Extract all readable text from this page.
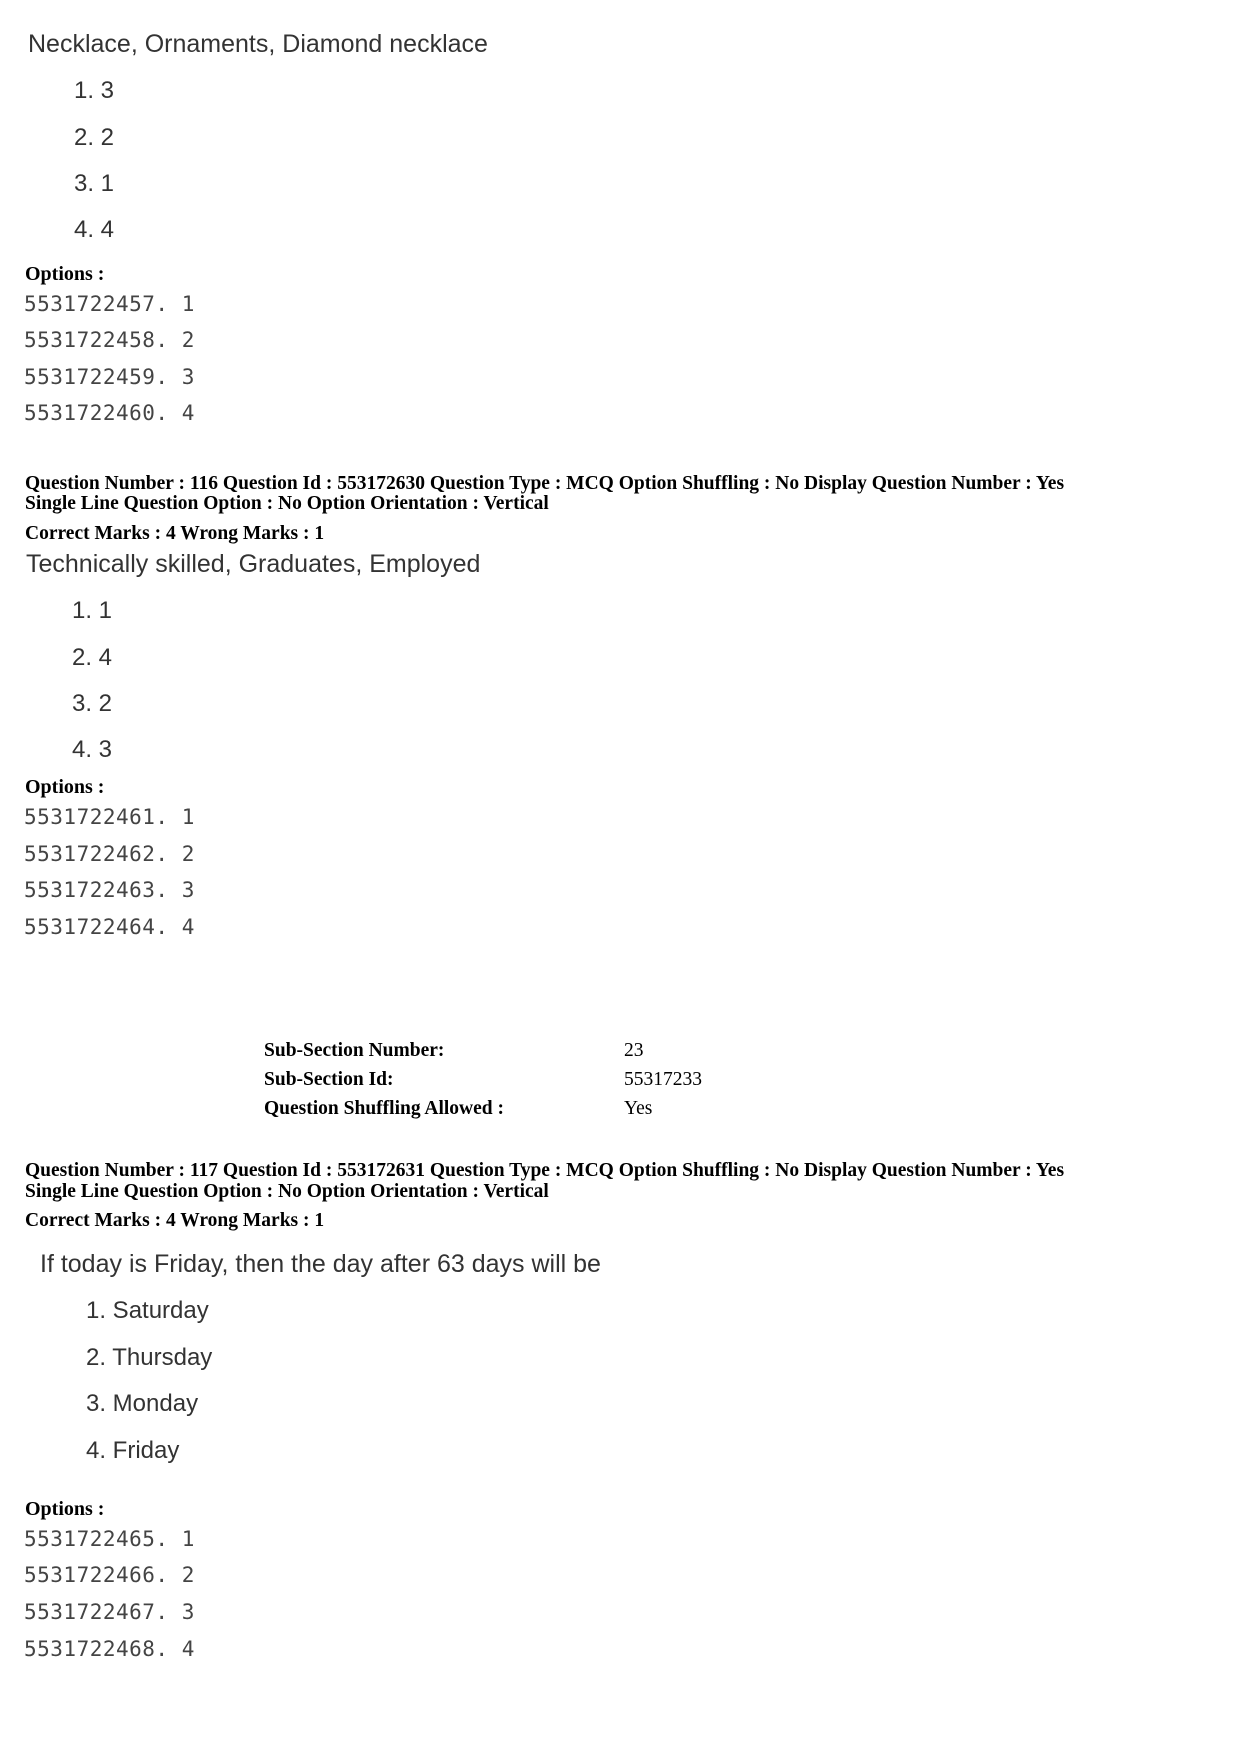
Necklace, Ornaments, Diamond necklace
1. 3
2. 2
3. 1
4. 4
Options :
5531722457. 1
5531722458. 2
5531722459. 3
5531722460. 4
Question Number : 116 Question Id : 553172630 Question Type : MCQ Option Shuffling : No Display Question Number : Yes
Single Line Question Option : No Option Orientation : Vertical
Correct Marks : 4 Wrong Marks : 1
Technically skilled, Graduates, Employed
1. 1
2. 4
3. 2
4. 3
Options :
5531722461. 1
5531722462. 2
5531722463. 3
5531722464. 4
Sub-Section Number:	23
Sub-Section Id:	55317233
Question Shuffling Allowed :	Yes
Question Number : 117 Question Id : 553172631 Question Type : MCQ Option Shuffling : No Display Question Number : Yes
Single Line Question Option : No Option Orientation : Vertical
Correct Marks : 4 Wrong Marks : 1
If today is Friday, then the day after 63 days will be
1. Saturday
2. Thursday
3. Monday
4. Friday
Options :
5531722465. 1
5531722466. 2
5531722467. 3
5531722468. 4
